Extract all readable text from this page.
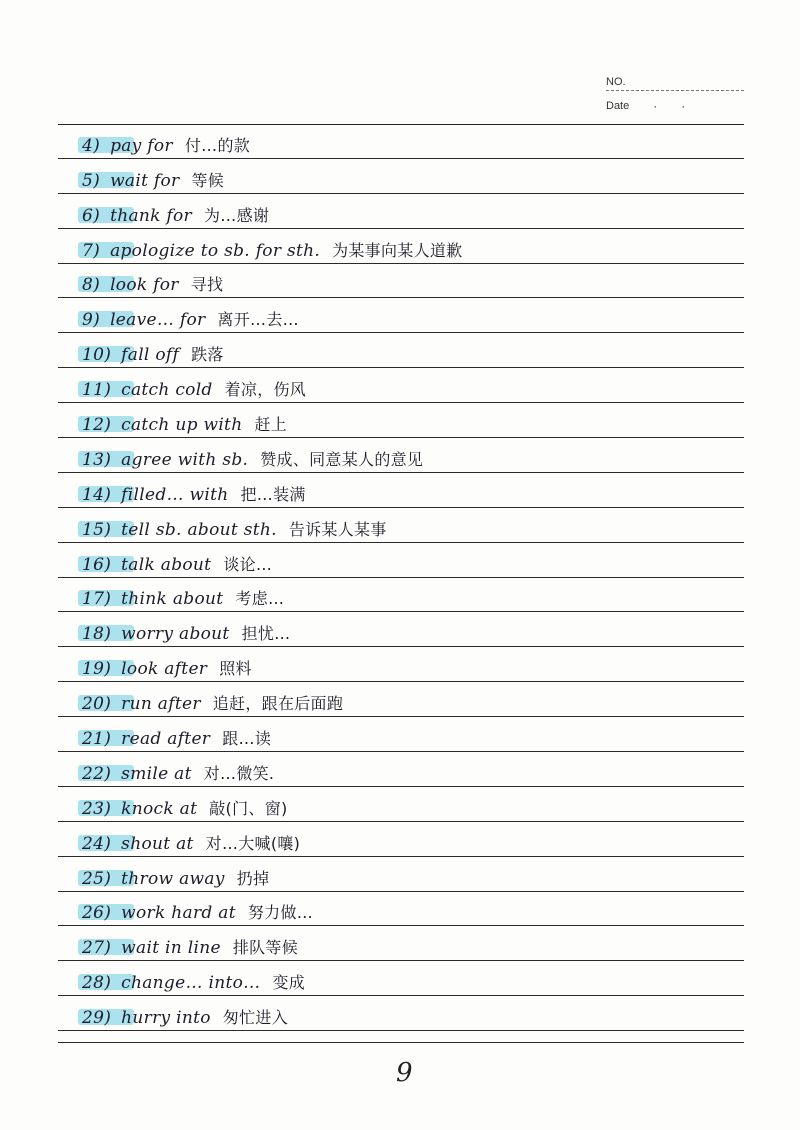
NO.
Date · ·
4) pay for 付…的款
5) wait for 等候
6) thank for 为…感谢
7) apologize to sb. for sth. 为某事向某人道歉
8) look for 寻找
9) leave… for 离开…去…
10) fall off 跌落
11) catch cold 着凉，伤风
12) catch up with 赶上
13) agree with sb. 赞成、同意某人的意见
14) filled… with 把…装满
15) tell sb. about sth. 告诉某人某事
16) talk about 谈论…
17) think about 考虑…
18) worry about 担忧…
19) look after 照料
20) run after 追赶，跟在后面跑
21) read after 跟…读
22) smile at 对…微笑.
23) knock at 敲(门、窗)
24) shout at 对…大喊(嚷)
25) throw away 扔掉
26) work hard at 努力做…
27) wait in line 排队等候
28) change… into… 变成
29) hurry into 匆忙进入
9
